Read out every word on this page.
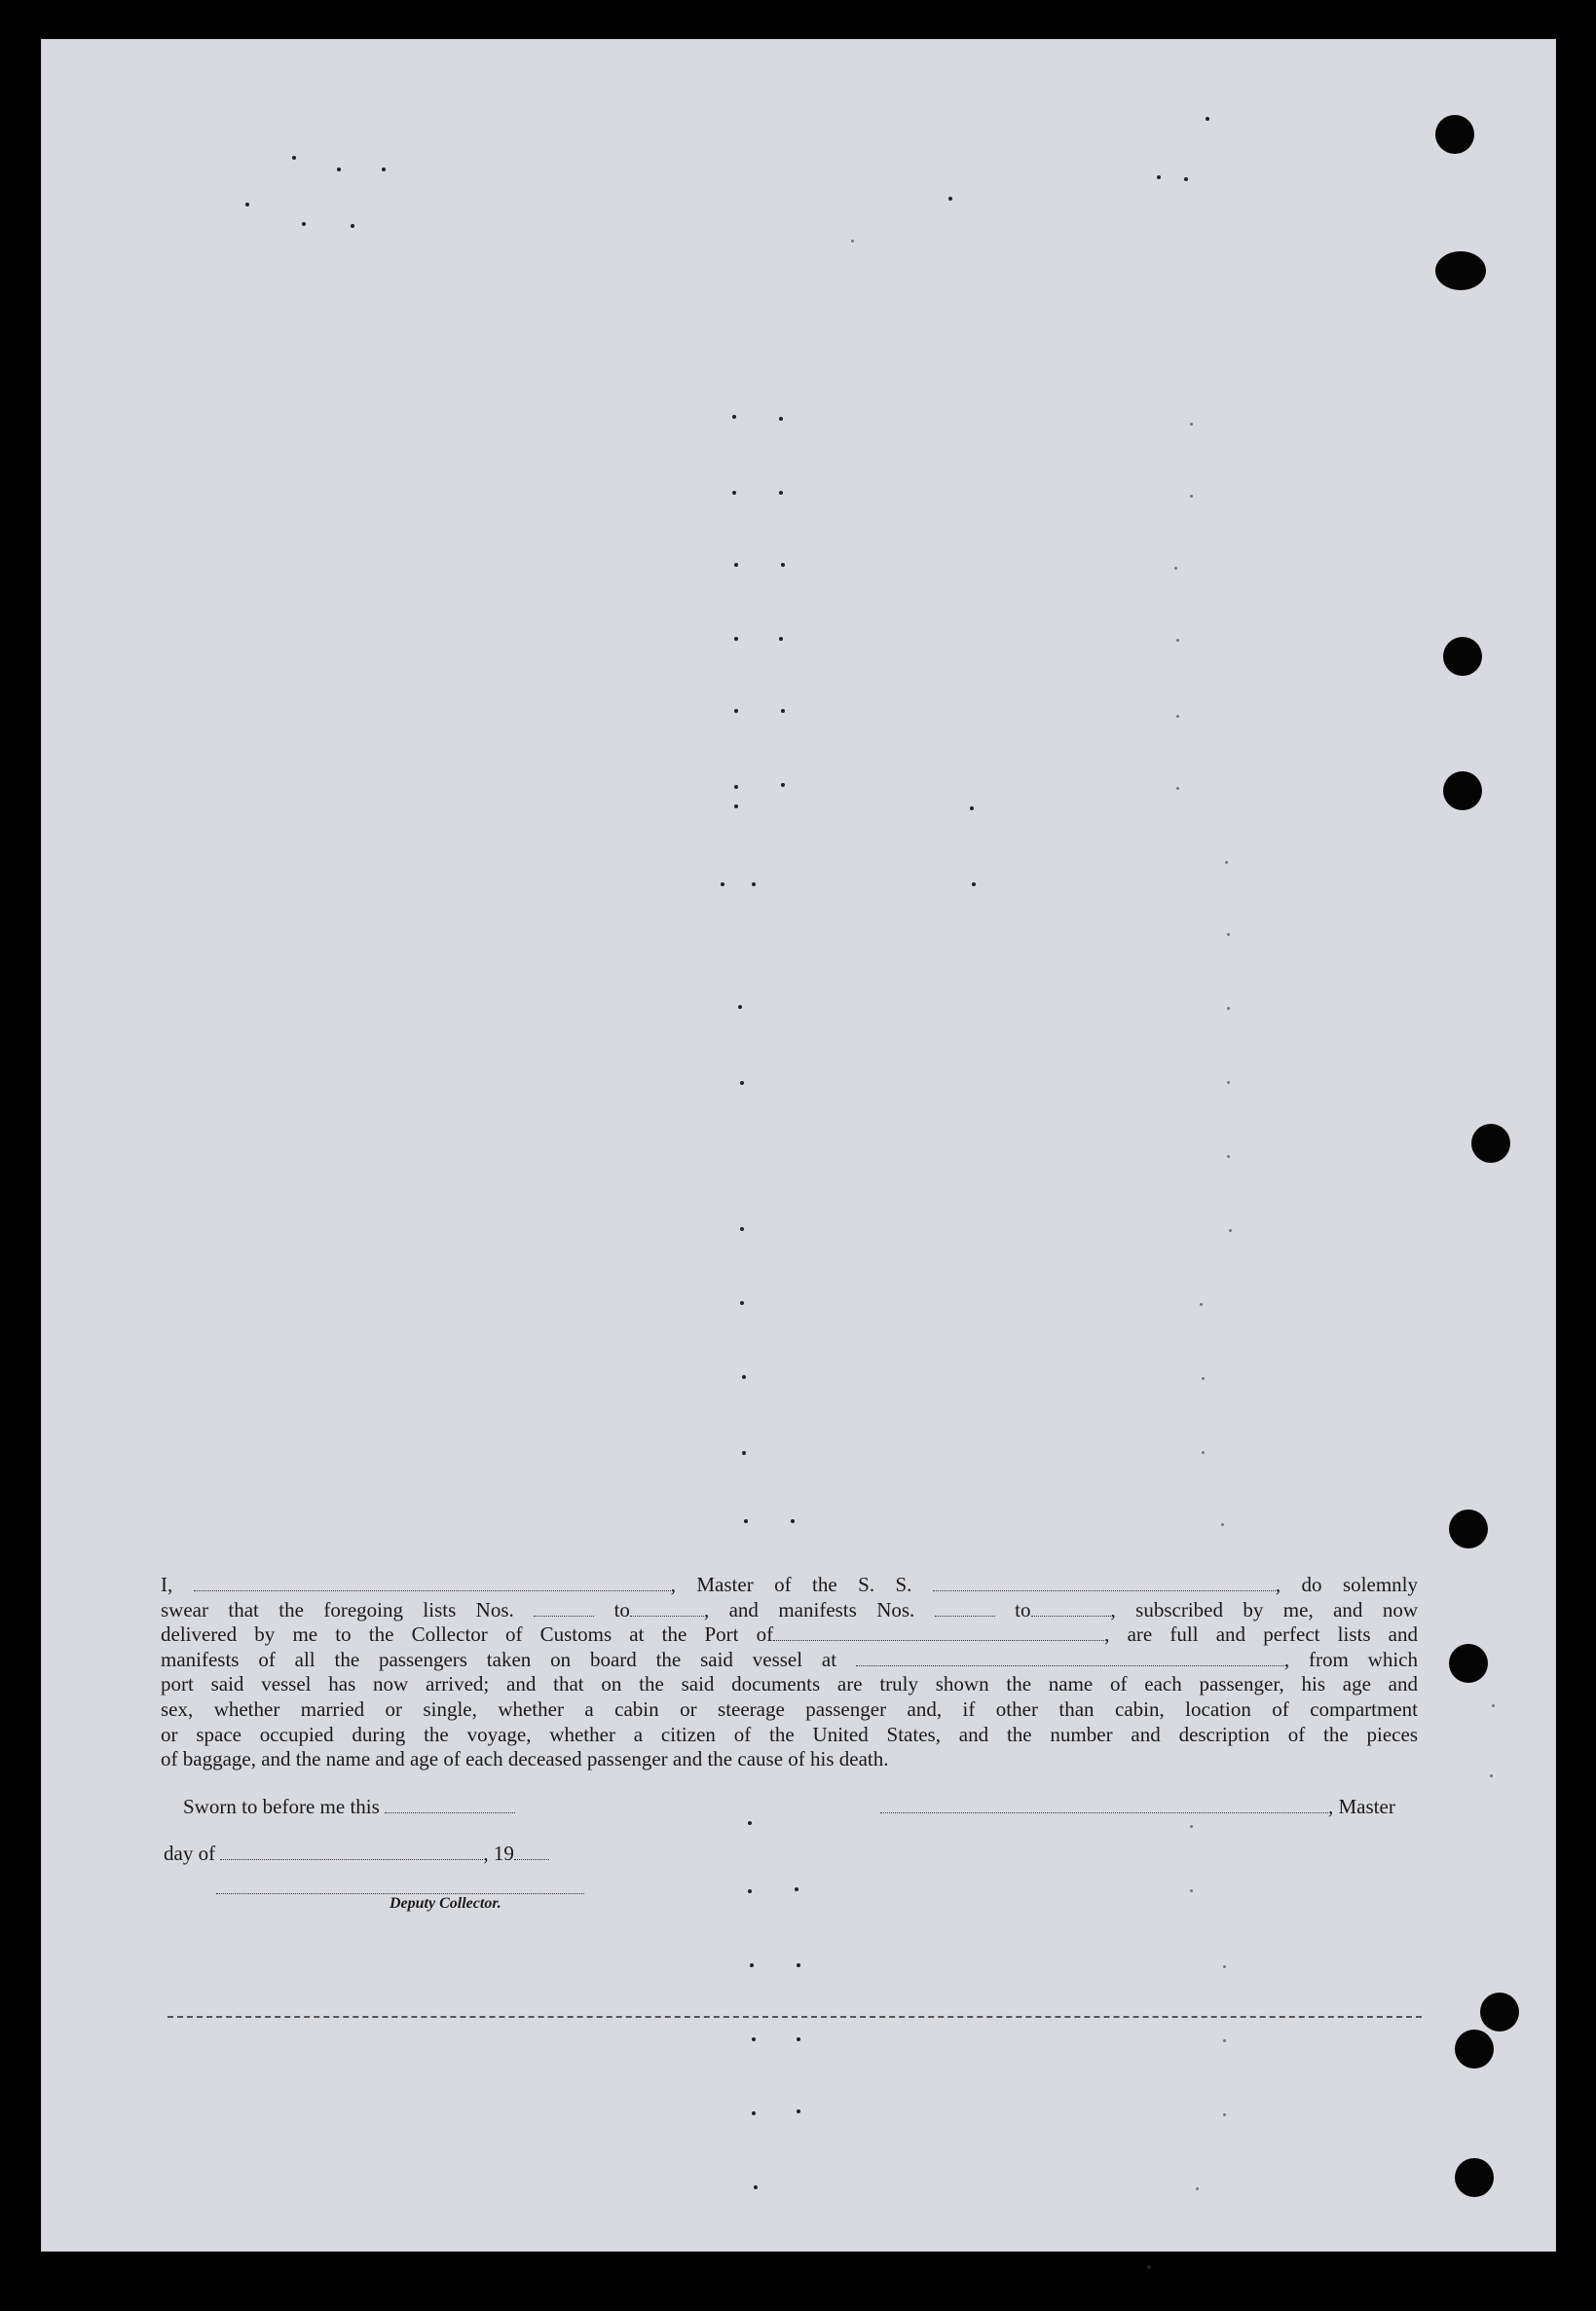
I,	, Master of the S. S.	, do solemnly

swear that the foregoing lists Nos.	to	, and manifests Nos.	to	, subscribed by me, and now

delivered by me to the Collector of Customs at the Port of	, are full and perfect lists and

manifests of all the passengers taken on board the said vessel at	, from which

port said vessel has now arrived; and that on the said documents are truly shown the name of each passenger, his age and

sex, whether married or single, whether a cabin or steerage passenger and, if other than cabin, location of compartment

or space occupied during the voyage, whether a citizen of the United States, and the number and description of the pieces

of baggage, and the name and age of each deceased passenger and the cause of his death.

Sworn to before me this	, Master
day of	, 19
Deputy Collector.
